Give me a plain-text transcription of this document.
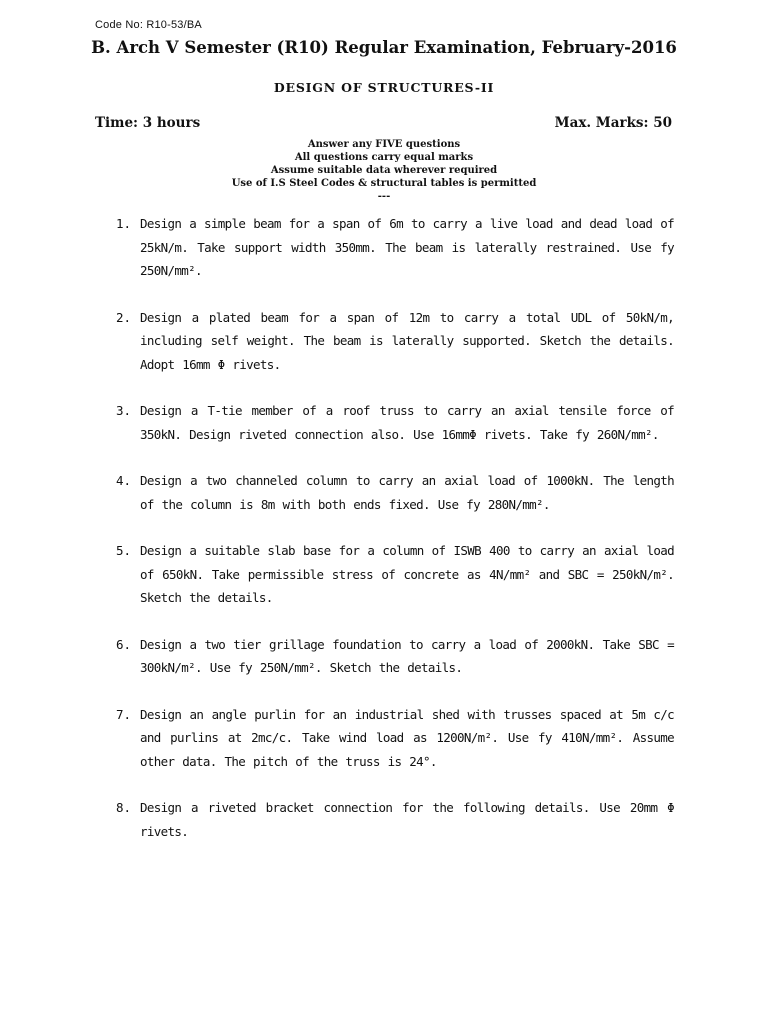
Code No: R10-53/BA

B. Arch V Semester (R10) Regular Examination, February-2016
DESIGN OF STRUCTURES-II

Time: 3 hours	Max. Marks: 50

Answer any FIVE questions
All questions carry equal marks
Assume suitable data wherever required
Use of I.S Steel Codes & structural tables is permitted
---
1. Design a simple beam for a span of 6m to carry a live load and dead load of 25kN/m. Take support width 350mm. The beam is laterally restrained. Use fy 250N/mm².

2. Design a plated beam for a span of 12m to carry a total UDL of 50kN/m, including self weight. The beam is laterally supported. Sketch the details. Adopt 16mm Φ rivets.

3. Design a T-tie member of a roof truss to carry an axial tensile force of 350kN. Design riveted connection also. Use 16mmΦ rivets. Take fy 260N/mm².

4. Design a two channeled column to carry an axial load of 1000kN. The length of the column is 8m with both ends fixed. Use fy 280N/mm².

5. Design a suitable slab base for a column of ISWB 400 to carry an axial load of 650kN. Take permissible stress of concrete as 4N/mm² and SBC = 250kN/m². Sketch the details.

6. Design a two tier grillage foundation to carry a load of 2000kN. Take SBC = 300kN/m². Use fy 250N/mm². Sketch the details.

7. Design an angle purlin for an industrial shed with trusses spaced at 5m c/c and purlins at 2mc/c. Take wind load as 1200N/m². Use fy 410N/mm². Assume other data. The pitch of the truss is 24°.

8. Design a riveted bracket connection for the following details. Use 20mm Φ rivets.
